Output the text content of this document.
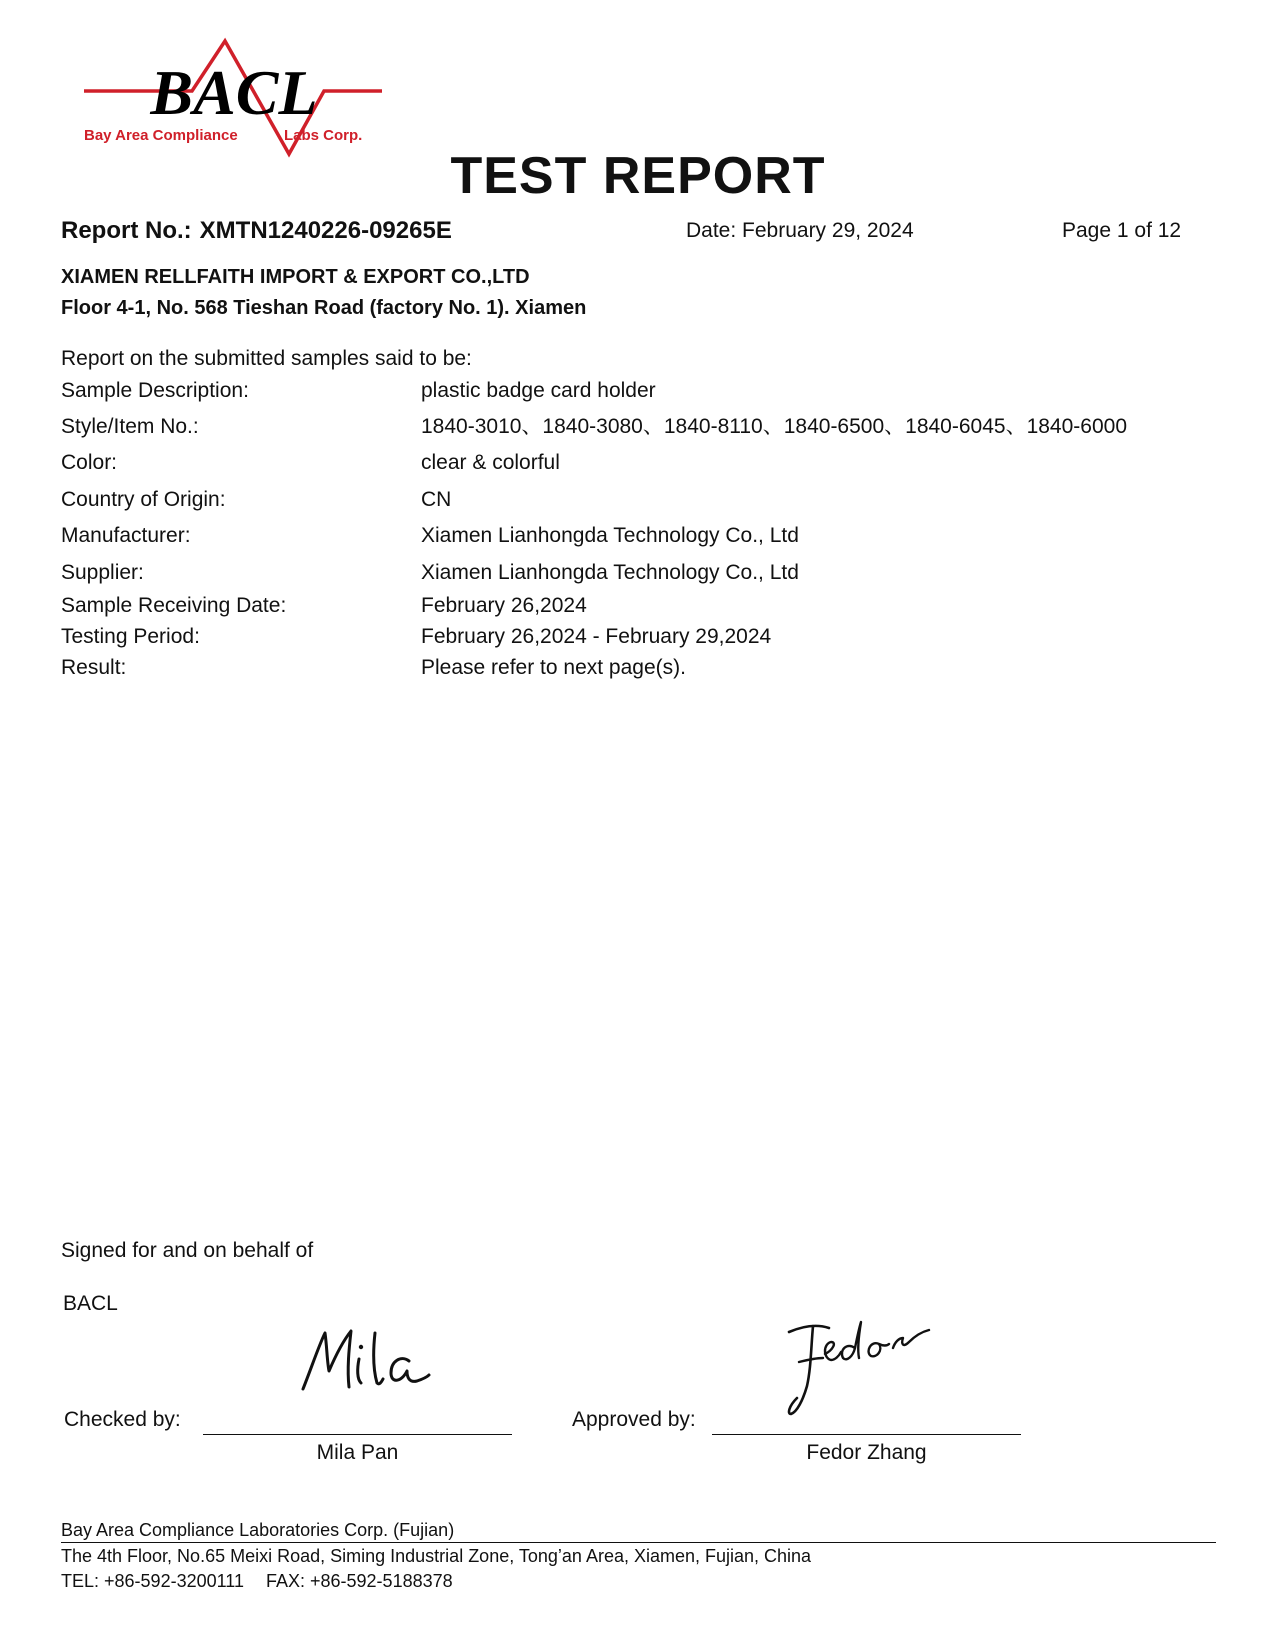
BACL
Bay Area Compliance	Labs Corp.
TEST REPORT
Report No.: XMTN1240226-09265E	Date: February 29, 2024	Page 1 of 12
XIAMEN RELLFAITH IMPORT & EXPORT CO.,LTD
Floor 4-1, No. 568 Tieshan Road (factory No. 1). Xiamen
Report on the submitted samples said to be:
Sample Description:	plastic badge card holder
Style/Item No.:	1840-3010、1840-3080、1840-8110、1840-6500、1840-6045、1840-6000
Color:	clear & colorful
Country of Origin:	CN
Manufacturer:	Xiamen Lianhongda Technology Co., Ltd
Supplier:	Xiamen Lianhongda Technology Co., Ltd
Sample Receiving Date:	February 26,2024
Testing Period:	February 26,2024 - February 29,2024
Result:	Please refer to next page(s).
Signed for and on behalf of
BACL
Checked by:
Mila Pan
Approved by:
Fedor Zhang
Bay Area Compliance Laboratories Corp. (Fujian)
The 4th Floor, No.65 Meixi Road, Siming Industrial Zone, Tong’an Area, Xiamen, Fujian, China
TEL: +86-592-3200111 FAX: +86-592-5188378
